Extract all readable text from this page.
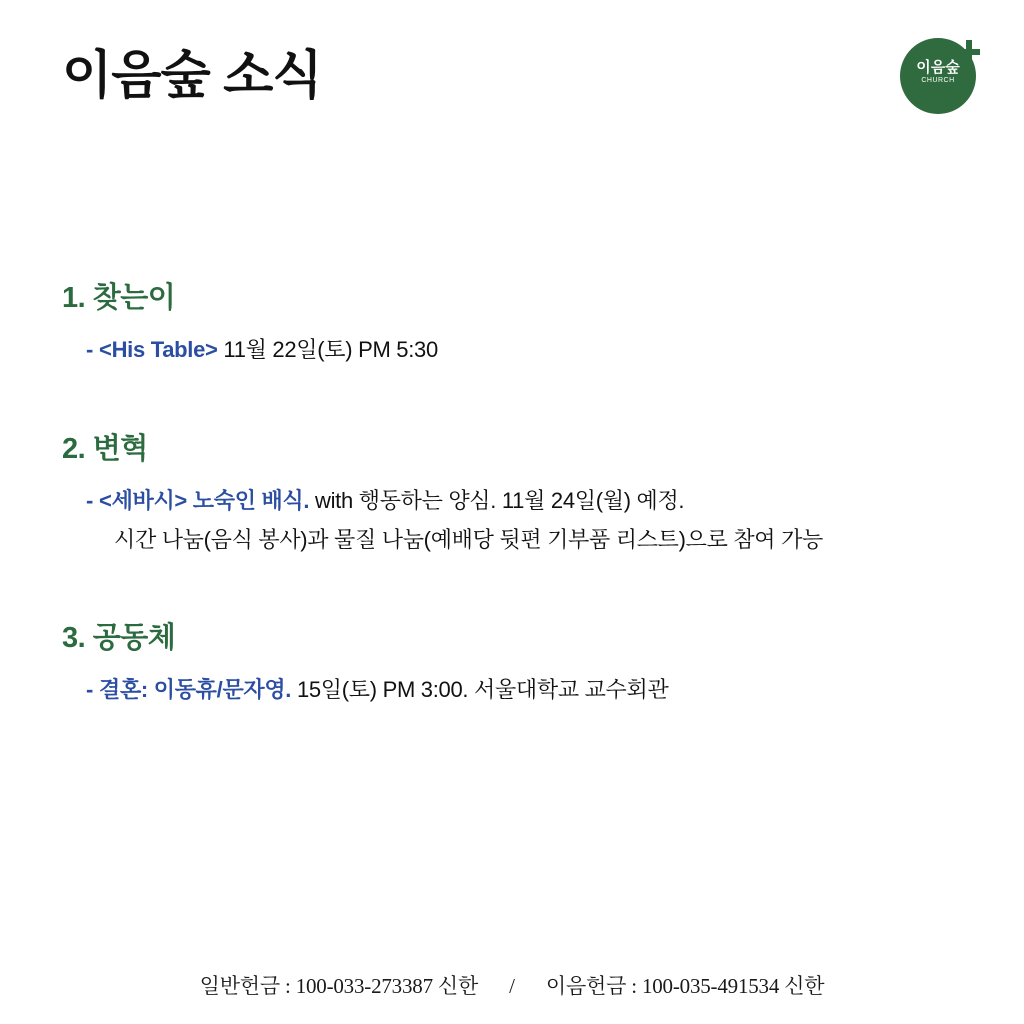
이음숲 소식	이음숲
CHURCH
1. 찾는이

- <His Table> 11월 22일(토) PM 5:30

2. 변혁

- <세바시> 노숙인 배식. with 행동하는 양심. 11월 24일(월) 예정.

시간 나눔(음식 봉사)과 물질 나눔(예배당 뒷편 기부품 리스트)으로 참여 가능

3. 공동체

- 결혼: 이동휴/문자영. 15일(토) PM 3:00. 서울대학교 교수회관

일반헌금 : 100-033-273387 신한 / 이음헌금 : 100-035-491534 신한
